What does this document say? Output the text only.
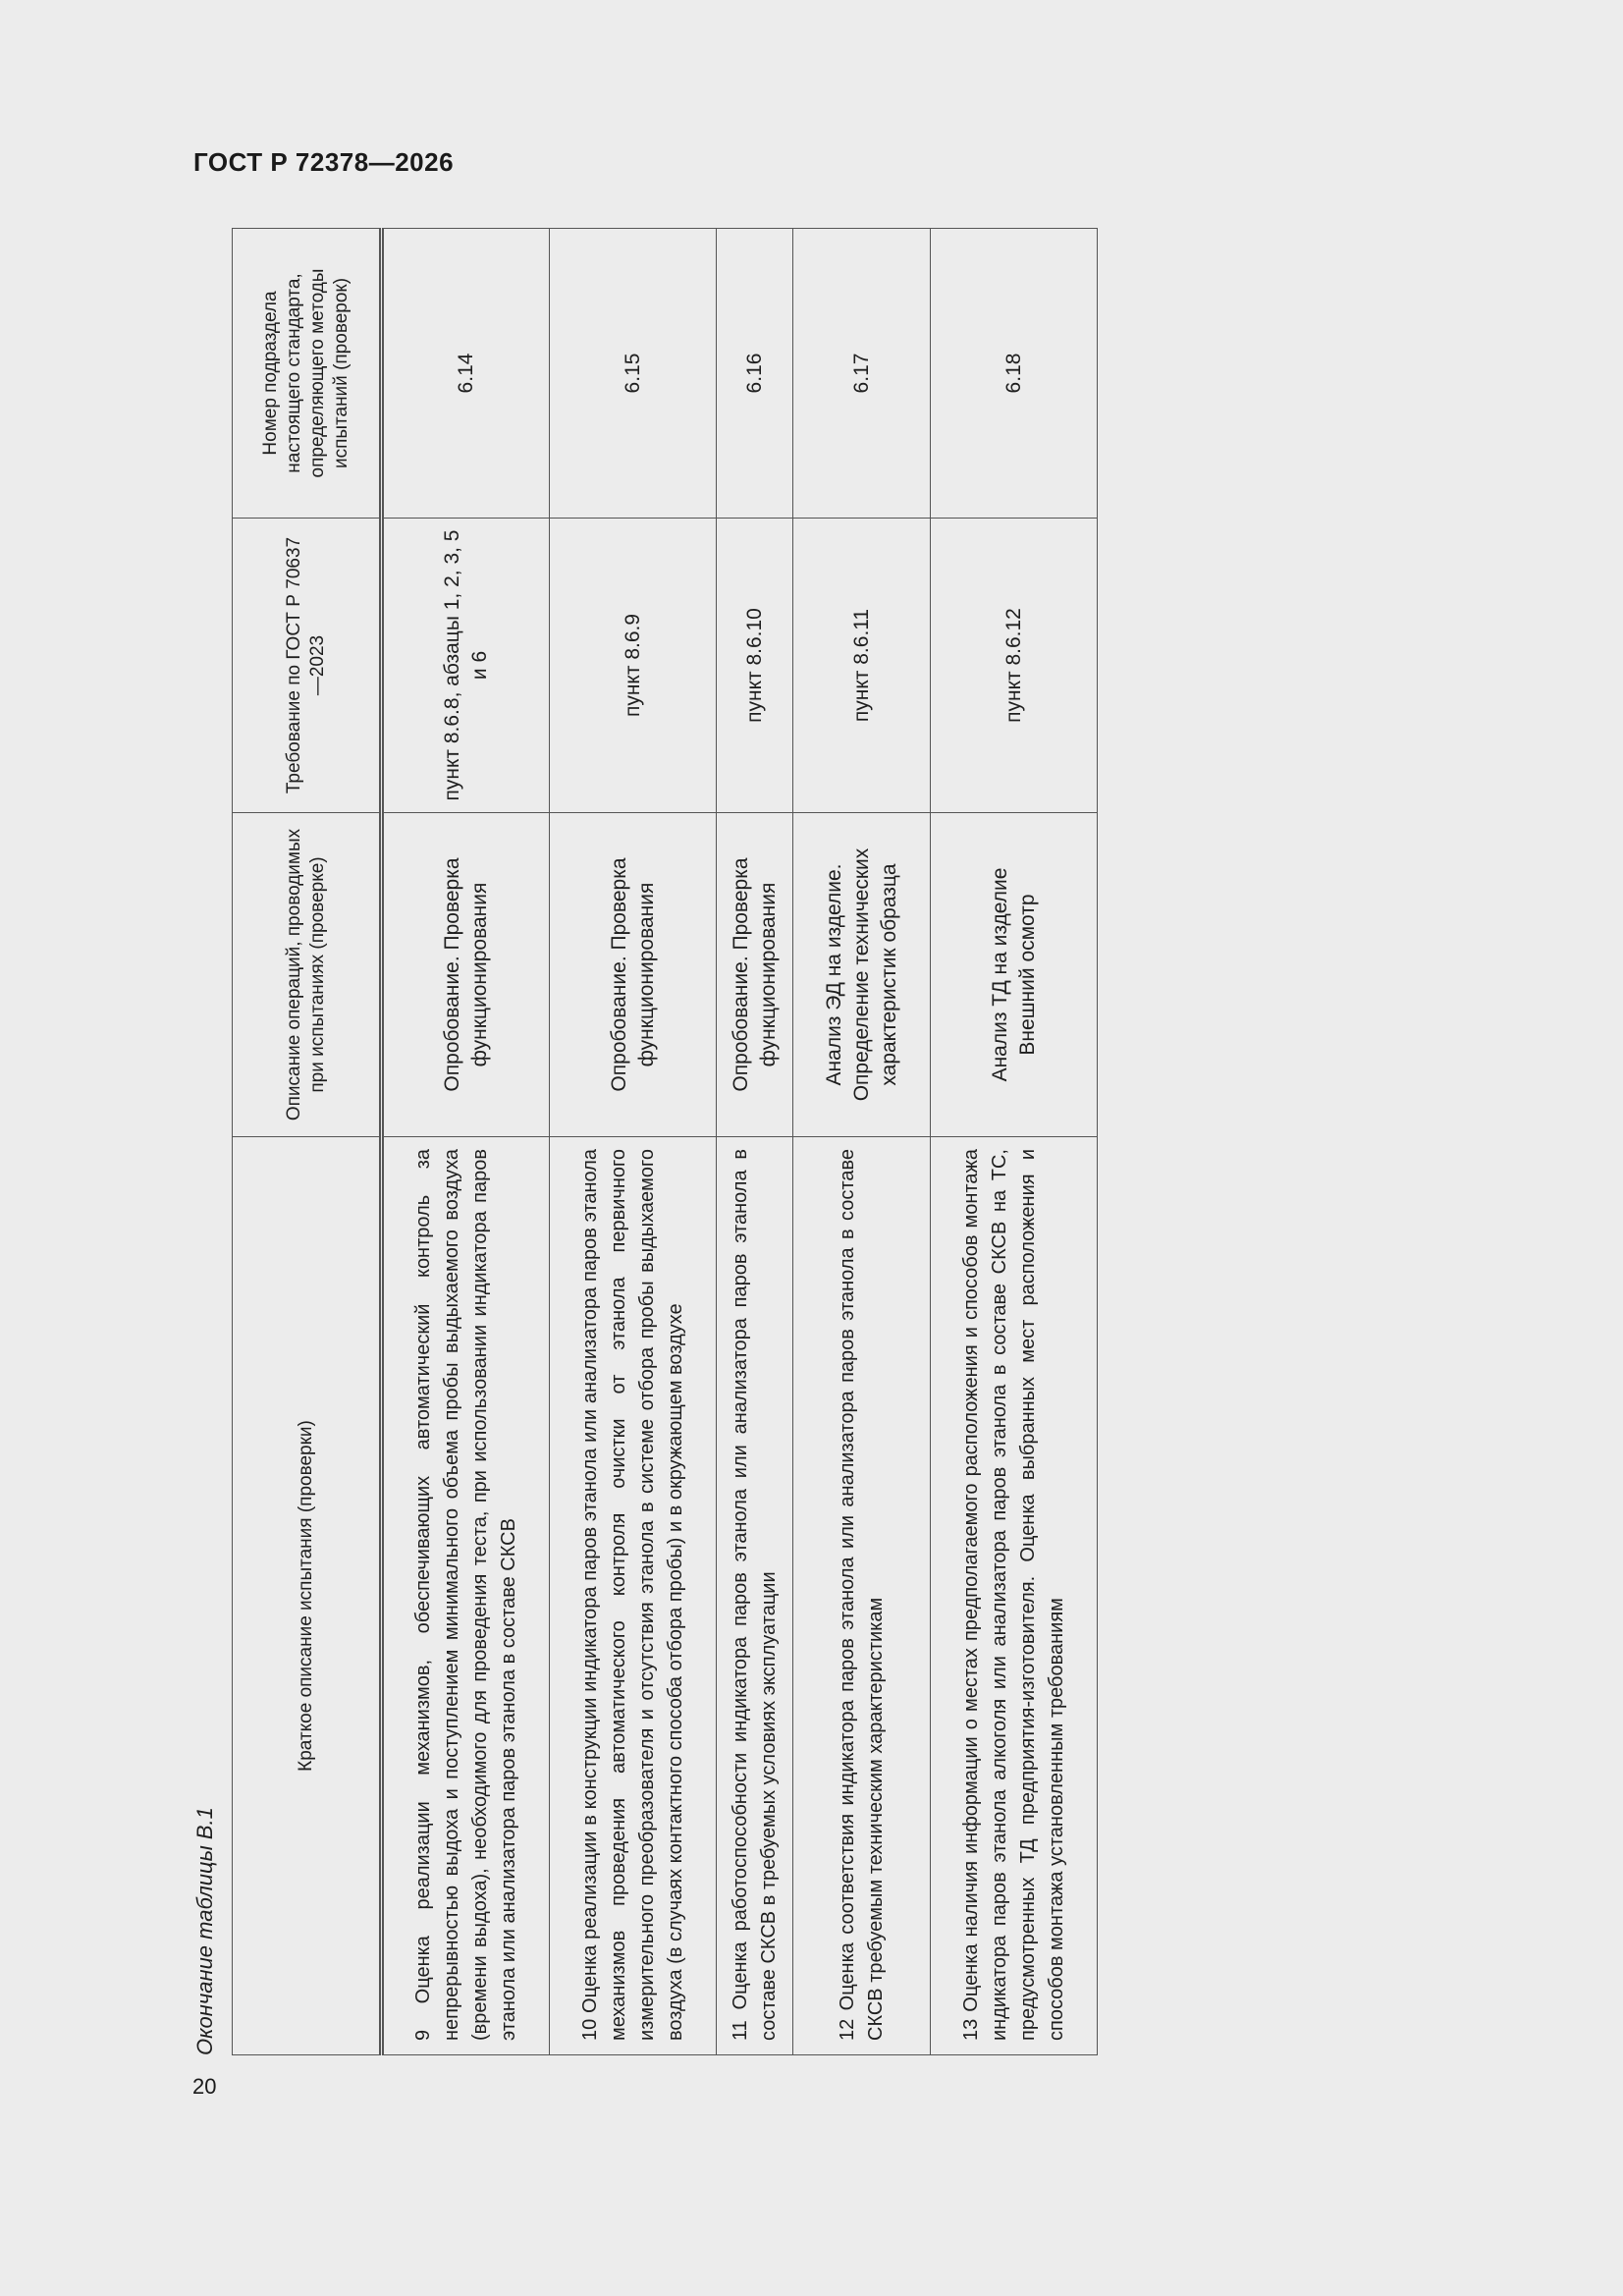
ГОСТ Р 72378—2026
20
Окончание таблицы В.1
Краткое описание испытания (проверки)	Описание операций, проводимых при испытаниях (проверке)	Требование по ГОСТ Р 70637—2023	Номер подраздела настоящего стандарта, определяющего методы испытаний (проверок)
9 Оценка реализации механизмов, обеспечивающих автоматический контроль за непрерывностью выдоха и поступлением минимального объема пробы выдыхаемого воздуха (времени выдоха), необходимого для проведения теста, при использовании индикатора паров этанола или анализатора паров этанола в составе СКСВ	Опробование. Проверка функционирования	пункт 8.6.8, абзацы 1, 2, 3, 5 и 6	6.14
10 Оценка реализации в конструкции индикатора паров этанола или анализатора паров этанола механизмов проведения автоматического контроля очистки от этанола первичного измерительного преобразователя и отсутствия этанола в системе отбора пробы выдыхаемого воздуха (в случаях контактного способа отбора пробы) и в окружающем воздухе	Опробование. Проверка функционирования	пункт 8.6.9	6.15
11 Оценка работоспособности индикатора паров этанола или анализатора паров этанола в составе СКСВ в требуемых условиях эксплуатации	Опробование. Проверка функционирования	пункт 8.6.10	6.16
12 Оценка соответствия индикатора паров этанола или анализатора паров этанола в составе СКСВ требуемым техническим характеристикам	Анализ ЭД на изделие. Определение технических характеристик образца	пункт 8.6.11	6.17
13 Оценка наличия информации о местах предполагаемого расположения и способов монтажа индикатора паров этанола алкоголя или анализатора паров этанола в составе СКСВ на ТС, предусмотренных ТД предприятия-изготовителя. Оценка выбранных мест расположения и способов монтажа установленным требованиям	Анализ ТД на изделие Внешний осмотр	пункт 8.6.12	6.18
